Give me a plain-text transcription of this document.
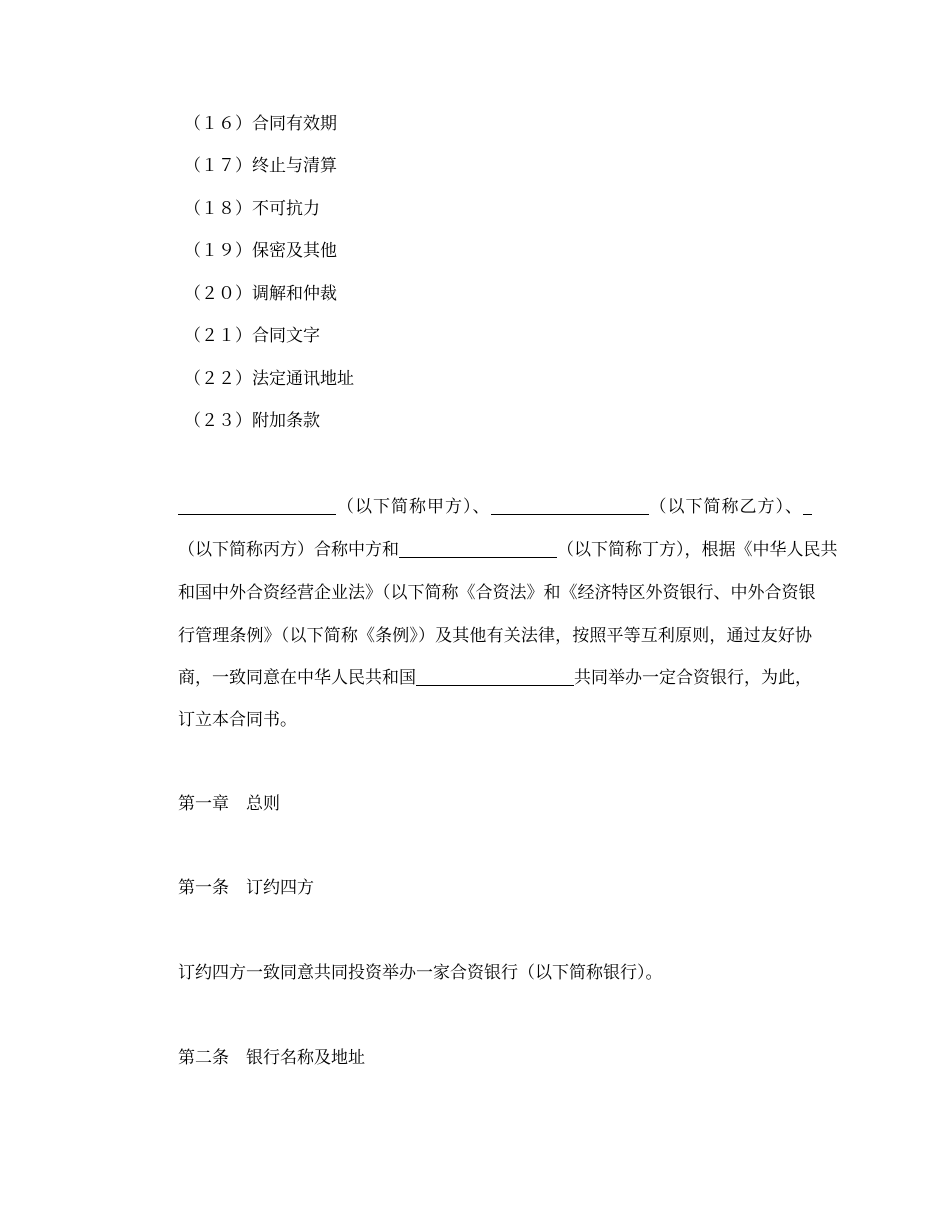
（１６）合同有效期
（１７）终止与清算
（１８）不可抗力
（１９）保密及其他
（２０）调解和仲裁
（２１）合同文字
（２２）法定通讯地址
（２３）附加条款
（以下简称甲方）、	（以下简称乙方）、
（以下简称丙方）合称中方和	（以下简称丁方），根据《中华人民共
和国中外合资经营企业法》（以下简称《合资法》和《经济特区外资银行、中外合资银
行管理条例》（以下简称《条例》）及其他有关法律，按照平等互利原则，通过友好协
商，一致同意在中华人民共和国	共同举办一定合资银行，为此，
订立本合同书。
第一章　总则
第一条　订约四方
订约四方一致同意共同投资举办一家合资银行（以下简称银行）。
第二条　银行名称及地址
